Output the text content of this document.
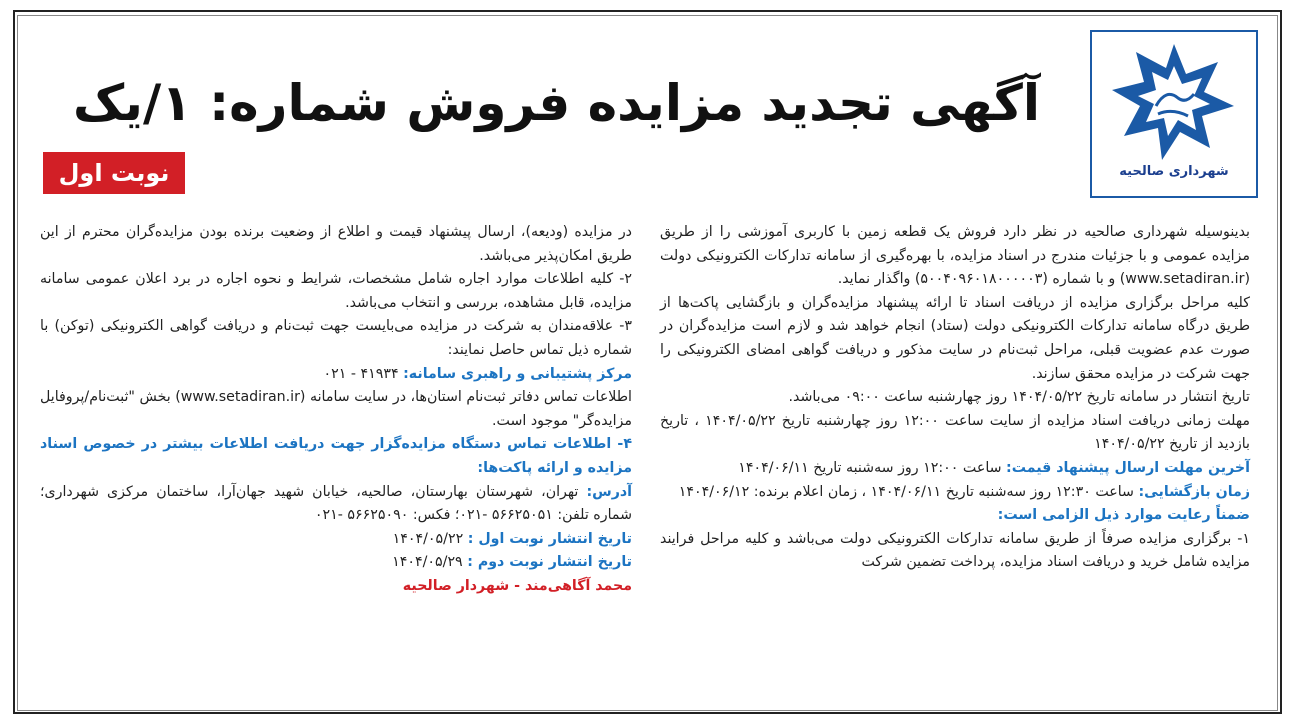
شهرداری صالحیه
آگهی تجدید مزایده فروش شماره: ۱/یک
نوبت اول

بدینوسیله شهرداری صالحیه در نظر دارد فروش یک قطعه زمین با کاربری آموزشی را از طریق مزایده عمومی و با جزئیات مندرج در اسناد مزایده، با بهره‌گیری از سامانه تدارکات الکترونیکی دولت (www.setadiran.ir) و با شماره (۵۰۰۴۰۹۶۰۱۸۰۰۰۰۰۳) واگذار نماید.

کلیه مراحل برگزاری مزایده از دریافت اسناد تا ارائه پیشنهاد مزایده‌گران و بازگشایی پاکت‌ها از طریق درگاه سامانه تدارکات الکترونیکی دولت (ستاد) انجام خواهد شد و لازم است مزایده‌گران در صورت عدم عضویت قبلی، مراحل ثبت‌نام در سایت مذکور و دریافت گواهی امضای الکترونیکی را جهت شرکت در مزایده محقق سازند.

تاریخ انتشار در سامانه تاریخ ۱۴۰۴/۰۵/۲۲ روز چهارشنبه ساعت ۰۹:۰۰ می‌باشد.

مهلت زمانی دریافت اسناد مزایده از سایت ساعت ۱۲:۰۰ روز چهارشنبه تاریخ ۱۴۰۴/۰۵/۲۲ ، تاریخ بازدید از تاریخ ۱۴۰۴/۰۵/۲۲

آخرین مهلت ارسال پیشنهاد قیمت: ساعت ۱۲:۰۰ روز سه‌شنبه تاریخ ۱۴۰۴/۰۶/۱۱

زمان بازگشایی: ساعت ۱۲:۳۰ روز سه‌شنبه تاریخ ۱۴۰۴/۰۶/۱۱ ، زمان اعلام برنده: ۱۴۰۴/۰۶/۱۲

ضمناً رعایت موارد ذیل الزامی است:

۱- برگزاری مزایده صرفاً از طریق سامانه تدارکات الکترونیکی دولت می‌باشد و کلیه مراحل فرایند مزایده شامل خرید و دریافت اسناد مزایده، پرداخت تضمین شرکت

در مزایده (ودیعه)، ارسال پیشنهاد قیمت و اطلاع از وضعیت برنده بودن مزایده‌گران محترم از این طریق امکان‌پذیر می‌باشد.

۲- کلیه اطلاعات موارد اجاره شامل مشخصات، شرایط و نحوه اجاره در برد اعلان عمومی سامانه مزایده، قابل مشاهده، بررسی و انتخاب می‌باشد.

۳- علاقه‌مندان به شرکت در مزایده می‌بایست جهت ثبت‌نام و دریافت گواهی الکترونیکی (توکن) با شماره ذیل تماس حاصل نمایند:

مرکز پشتیبانی و راهبری سامانه: ۴۱۹۳۴ - ۰۲۱

اطلاعات تماس دفاتر ثبت‌نام استان‌ها، در سایت سامانه (www.setadiran.ir) بخش "ثبت‌نام/پروفایل مزایده‌گر" موجود است.

۴- اطلاعات تماس دستگاه مزایده‌گزار جهت دریافت اطلاعات بیشتر در خصوص اسناد مزایده و ارائه پاکت‌ها:

آدرس: تهران، شهرستان بهارستان، صالحیه، خیابان شهید جهان‌آرا، ساختمان مرکزی شهرداری؛ شماره تلفن: ۵۶۶۲۵۰۵۱ -۰۲۱؛ فکس: ۵۶۶۲۵۰۹۰ -۰۲۱

تاریخ انتشار نوبت اول : ۱۴۰۴/۰۵/۲۲

تاریخ انتشار نوبت دوم : ۱۴۰۴/۰۵/۲۹

محمد آگاهی‌مند - شهردار صالحیه
